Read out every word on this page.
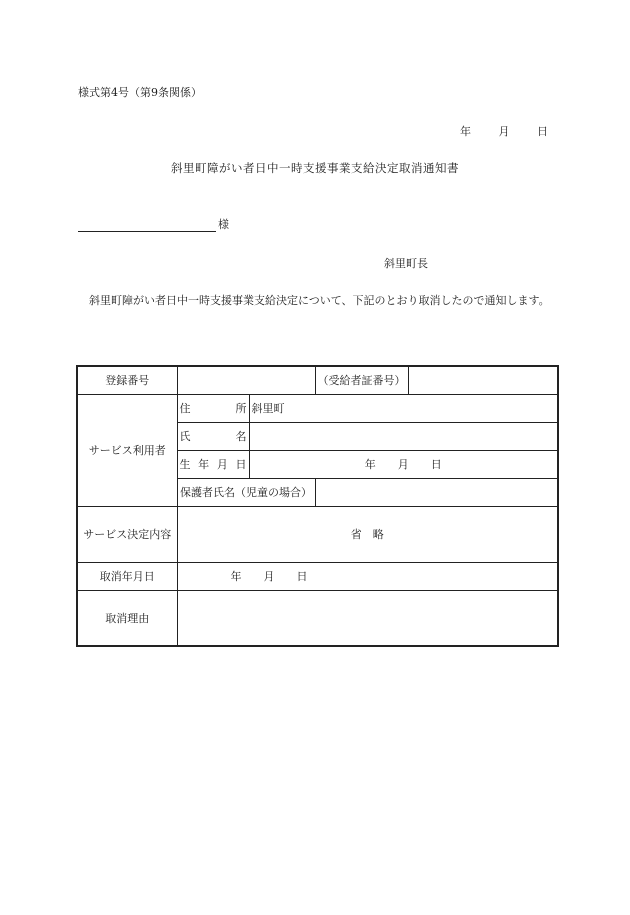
様式第4号（第9条関係）
年	月	日
斜里町障がい者日中一時支援事業支給決定取消通知書
様
斜里町長
斜里町障がい者日中一時支援事業支給決定について、下記のとおり取消したので通知します。
登録番号			（受給者証番号）	
サービス利用者	住 所	斜里町		

	氏 名			

	生 年 月 日	年 月 日		
	保護者氏名（児童の場合）			
サービス決定内容	省　略			
取消年月日	年 月 日			

取消理由				
